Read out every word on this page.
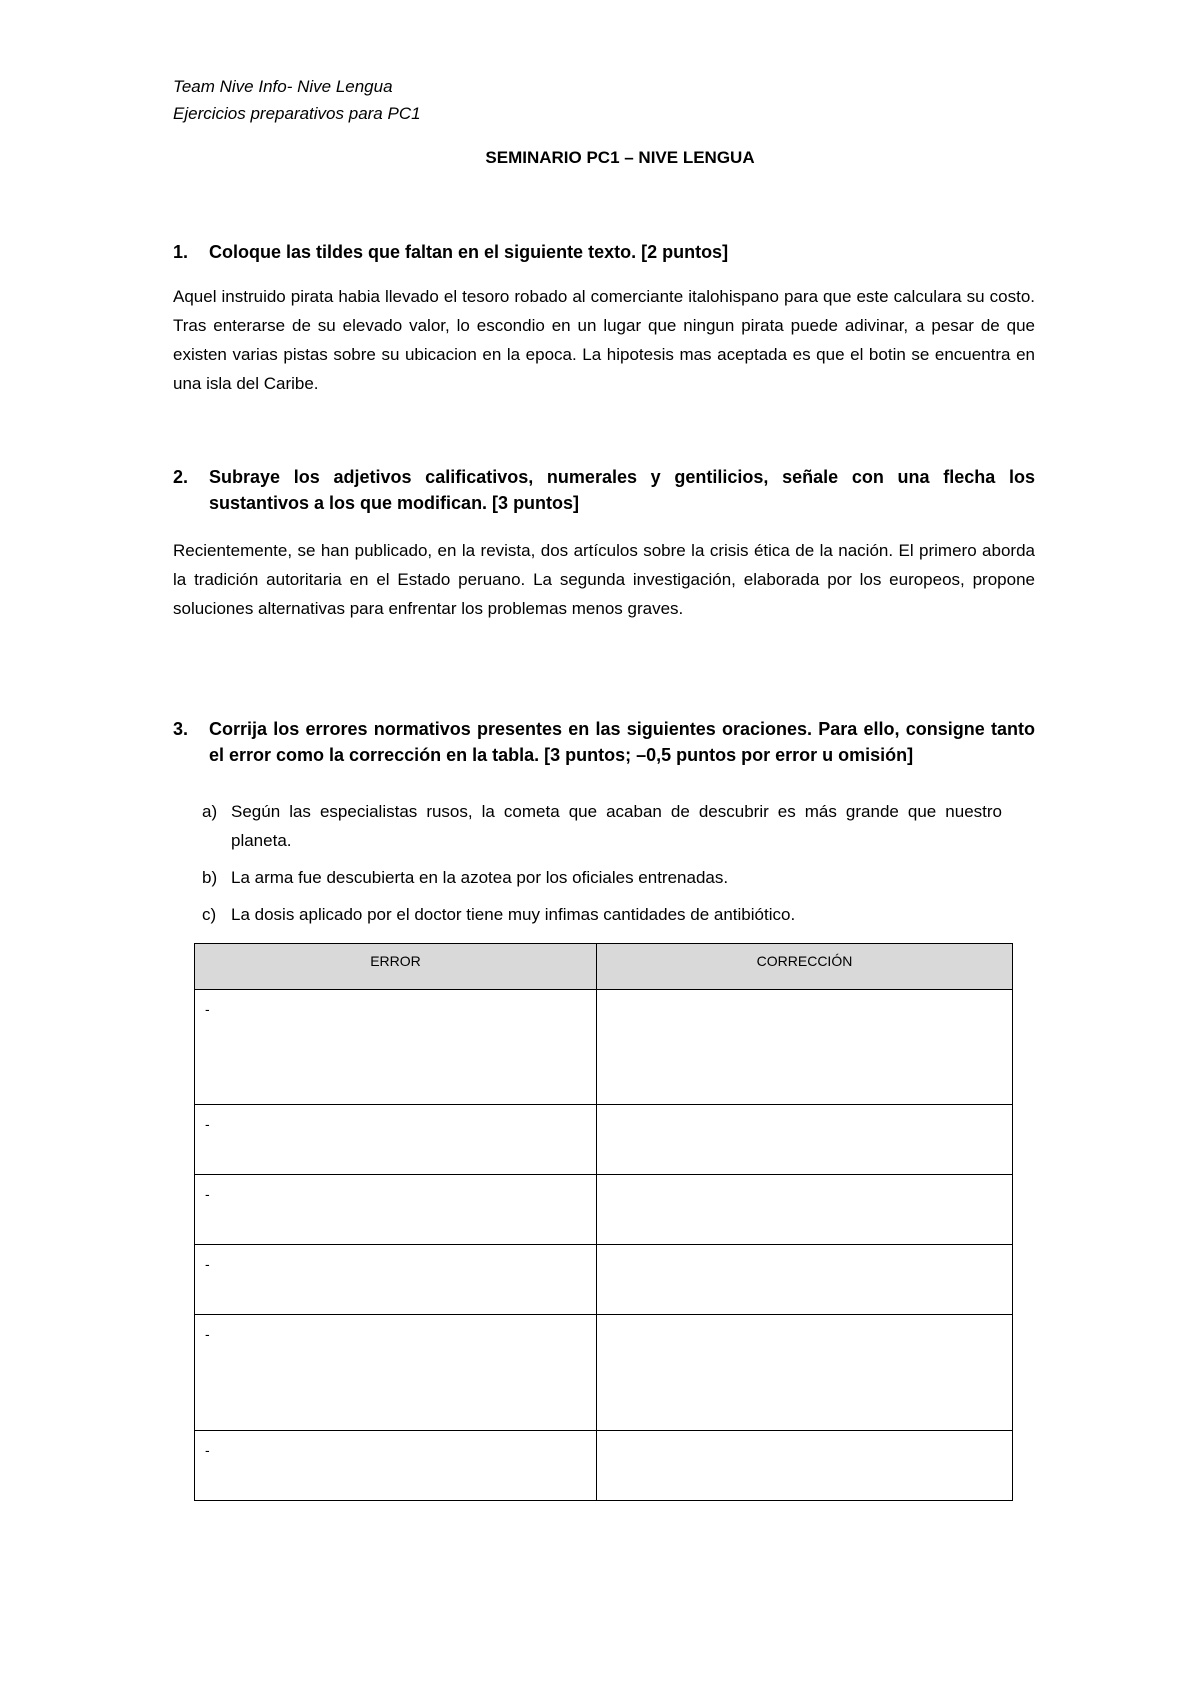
Team Nive Info- Nive Lengua
Ejercicios preparativos para PC1
SEMINARIO PC1 – NIVE LENGUA
1. Coloque las tildes que faltan en el siguiente texto. [2 puntos]
Aquel instruido pirata habia llevado el tesoro robado al comerciante italohispano para que este calculara su costo. Tras enterarse de su elevado valor, lo escondio en un lugar que ningun pirata puede adivinar, a pesar de que existen varias pistas sobre su ubicacion en la epoca. La hipotesis mas aceptada es que el botin se encuentra en una isla del Caribe.
2. Subraye los adjetivos calificativos, numerales y gentilicios, señale con una flecha los sustantivos a los que modifican. [3 puntos]
Recientemente, se han publicado, en la revista, dos artículos sobre la crisis ética de la nación. El primero aborda la tradición autoritaria en el Estado peruano. La segunda investigación, elaborada por los europeos, propone soluciones alternativas para enfrentar los problemas menos graves.
3. Corrija los errores normativos presentes en las siguientes oraciones. Para ello, consigne tanto el error como la corrección en la tabla. [3 puntos; –0,5 puntos por error u omisión]
a) Según las especialistas rusos, la cometa que acaban de descubrir es más grande que nuestro planeta.
b) La arma fue descubierta en la azotea por los oficiales entrenadas.
c) La dosis aplicado por el doctor tiene muy infimas cantidades de antibiótico.
ERROR	CORRECCIÓN
-	
-	
-	
-	
-	
-	
